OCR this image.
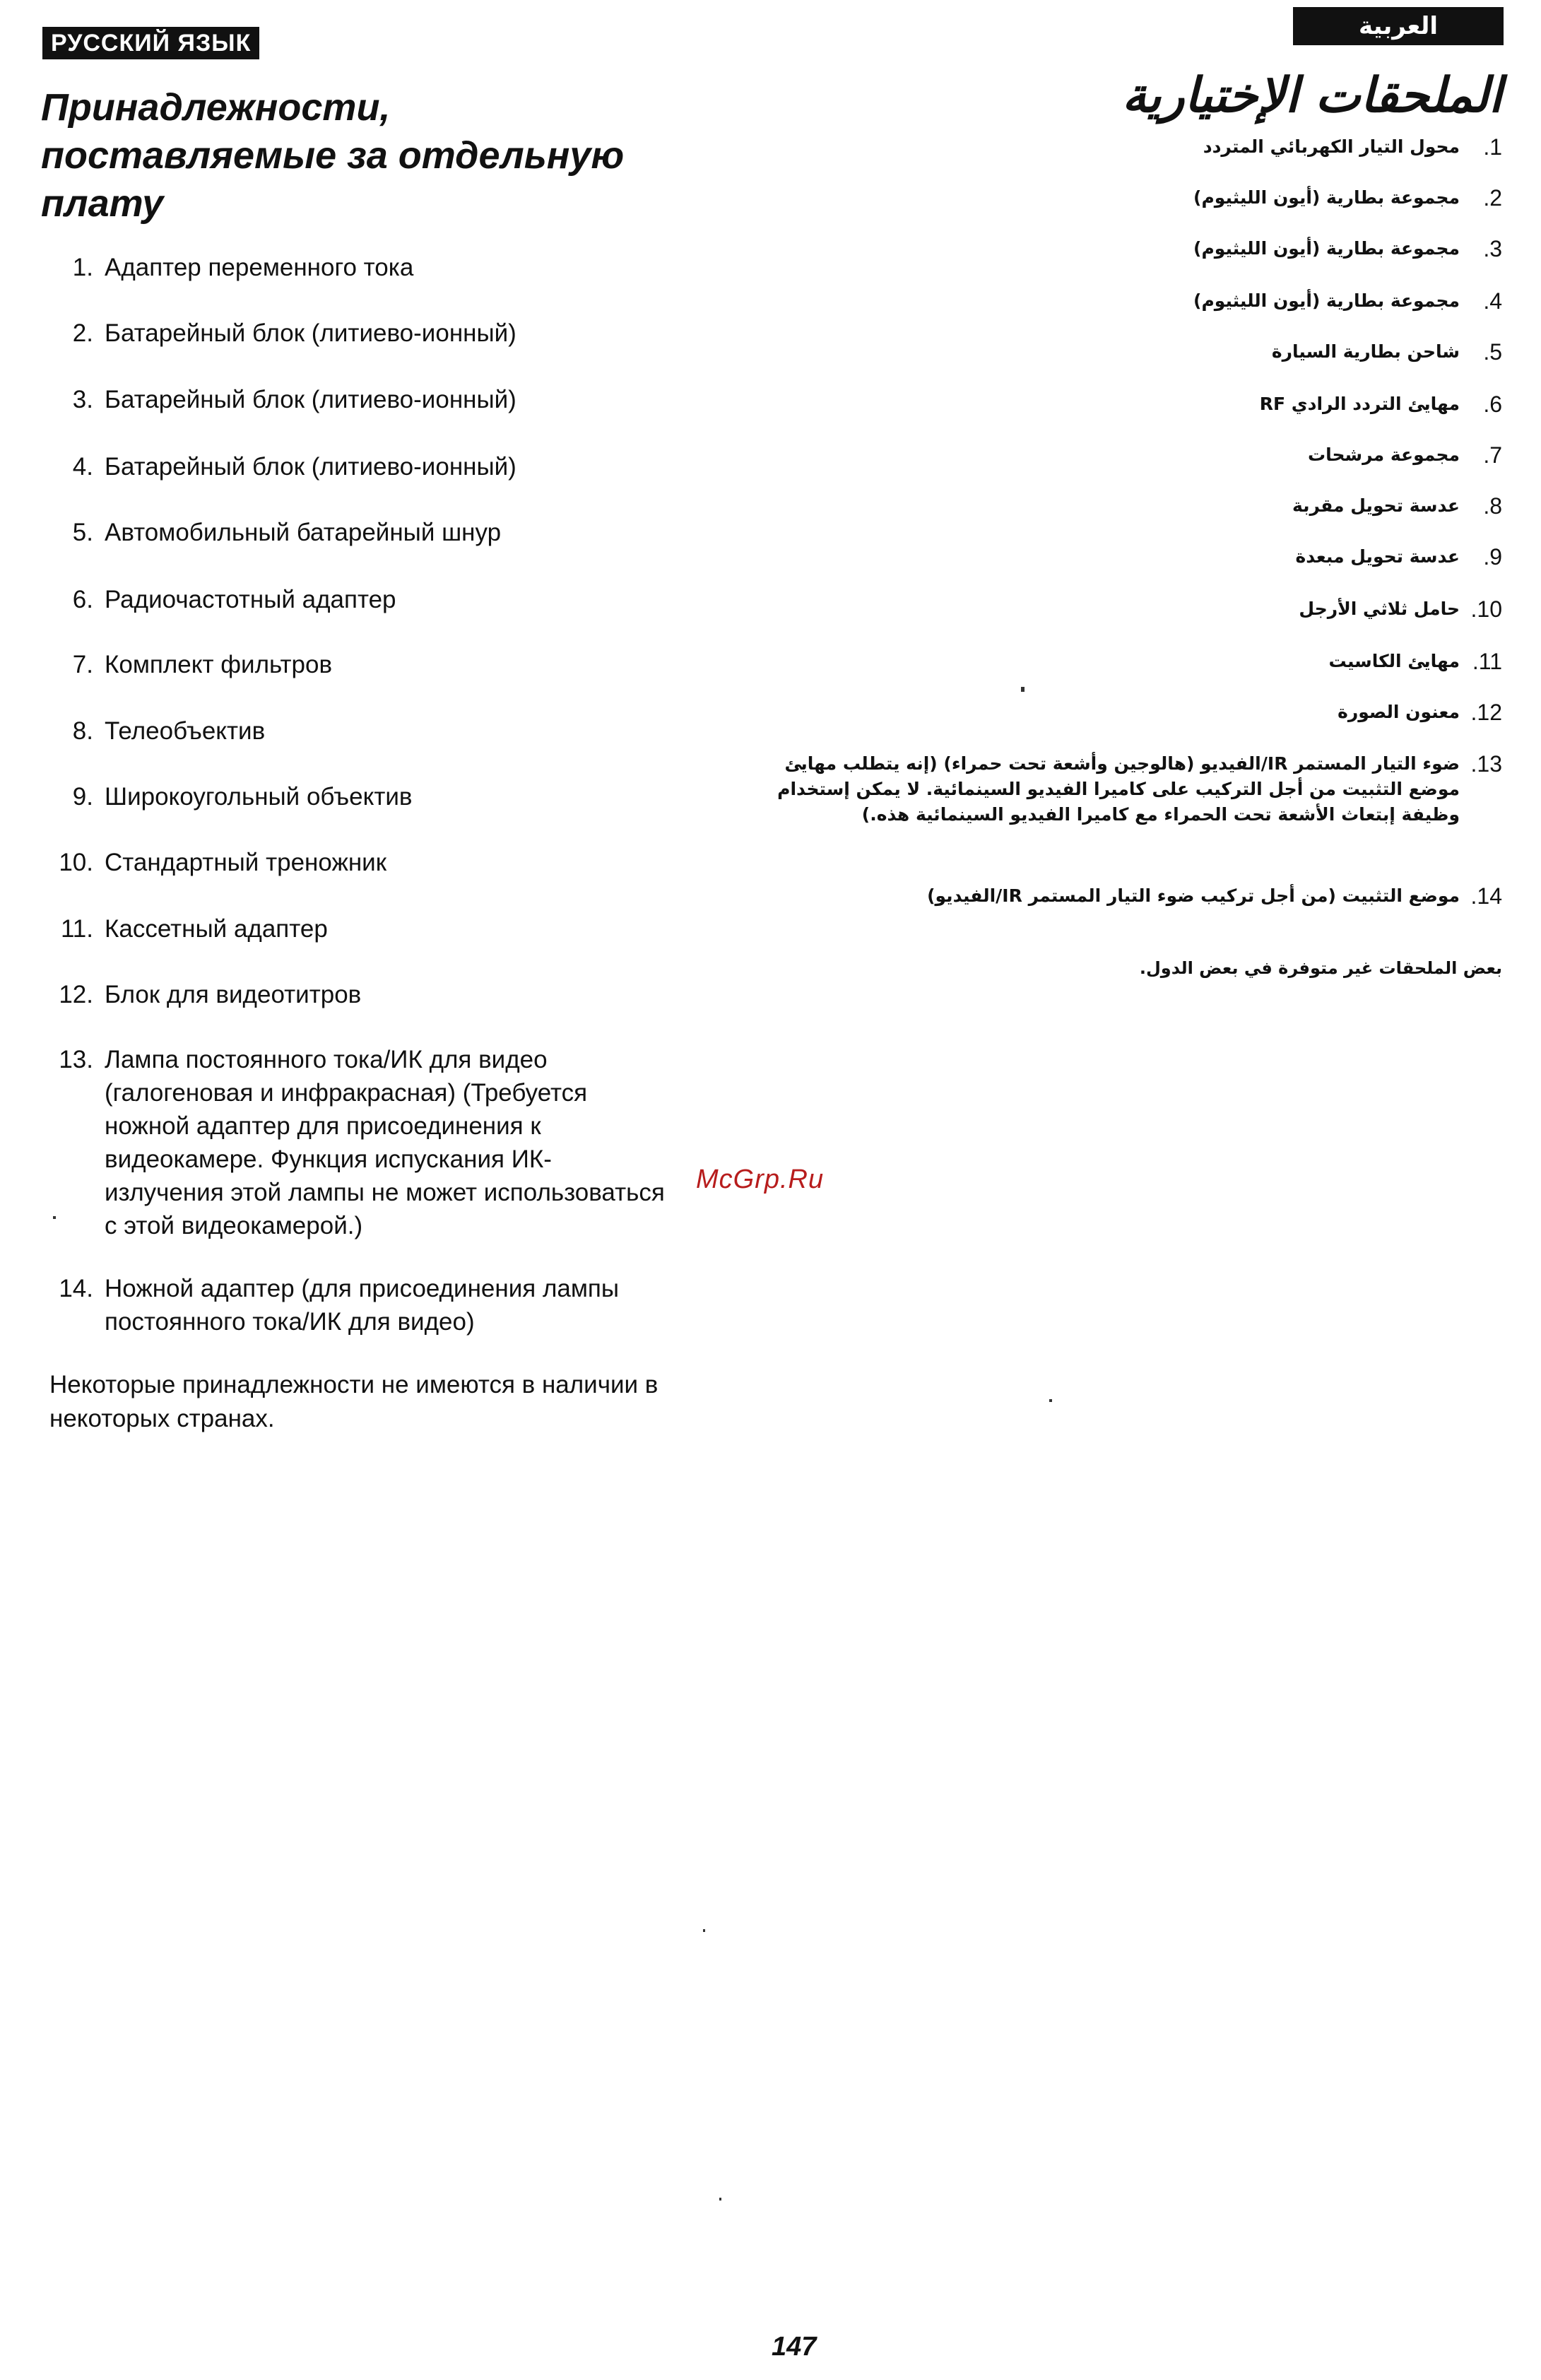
РУССКИЙ ЯЗЫК
Принадлежности, поставляемые за отдельную плату
1. Адаптер переменного тока
2. Батарейный блок (литиево-ионный)
3. Батарейный блок (литиево-ионный)
4. Батарейный блок (литиево-ионный)
5. Автомобильный батарейный шнур
6. Радиочастотный адаптер
7. Комплект фильтров
8. Телеобъектив
9. Широкоугольный объектив
10. Стандартный треножник
11. Кассетный адаптер
12. Блок для видеотитров
13. Лампа постоянного тока/ИК для видео (галогеновая и инфракрасная) (Требуется ножной адаптер для присоединения к видеокамере. Функция испускания ИК-излучения этой лампы не может использоваться с этой видеокамерой.)
14. Ножной адаптер (для присоединения лампы постоянного тока/ИК для видео)
Некоторые принадлежности не имеются в наличии в некоторых странах.
العربية
الملحقات الإختيارية
.1
محول التيار الكهربائي المتردد
.2
مجموعة بطارية (أيون الليثيوم)
.3
مجموعة بطارية (أيون الليثيوم)
.4
مجموعة بطارية (أيون الليثيوم)
.5
شاحن بطارية السيارة
.6
مهايئ التردد الرادي RF
.7
مجموعة مرشحات
.8
عدسة تحويل مقربة
.9
عدسة تحويل مبعدة
.10
حامل ثلاثي الأرجل
.11
مهايئ الكاسيت
.12
معنون الصورة
.13
ضوء التيار المستمر IR/الفيديو (هالوجين وأشعة تحت حمراء) (إنه يتطلب مهايئ موضع التثبيت من أجل التركيب على كاميرا الفيديو السينمائية. لا يمكن إستخدام وظيفة إبتعاث الأشعة تحت الحمراء مع كاميرا الفيديو السينمائية هذه.)
.14
موضع التثبيت (من أجل تركيب ضوء التيار المستمر IR/الفيديو)
بعض الملحقات غير متوفرة في بعض الدول.
McGrp.Ru
147
